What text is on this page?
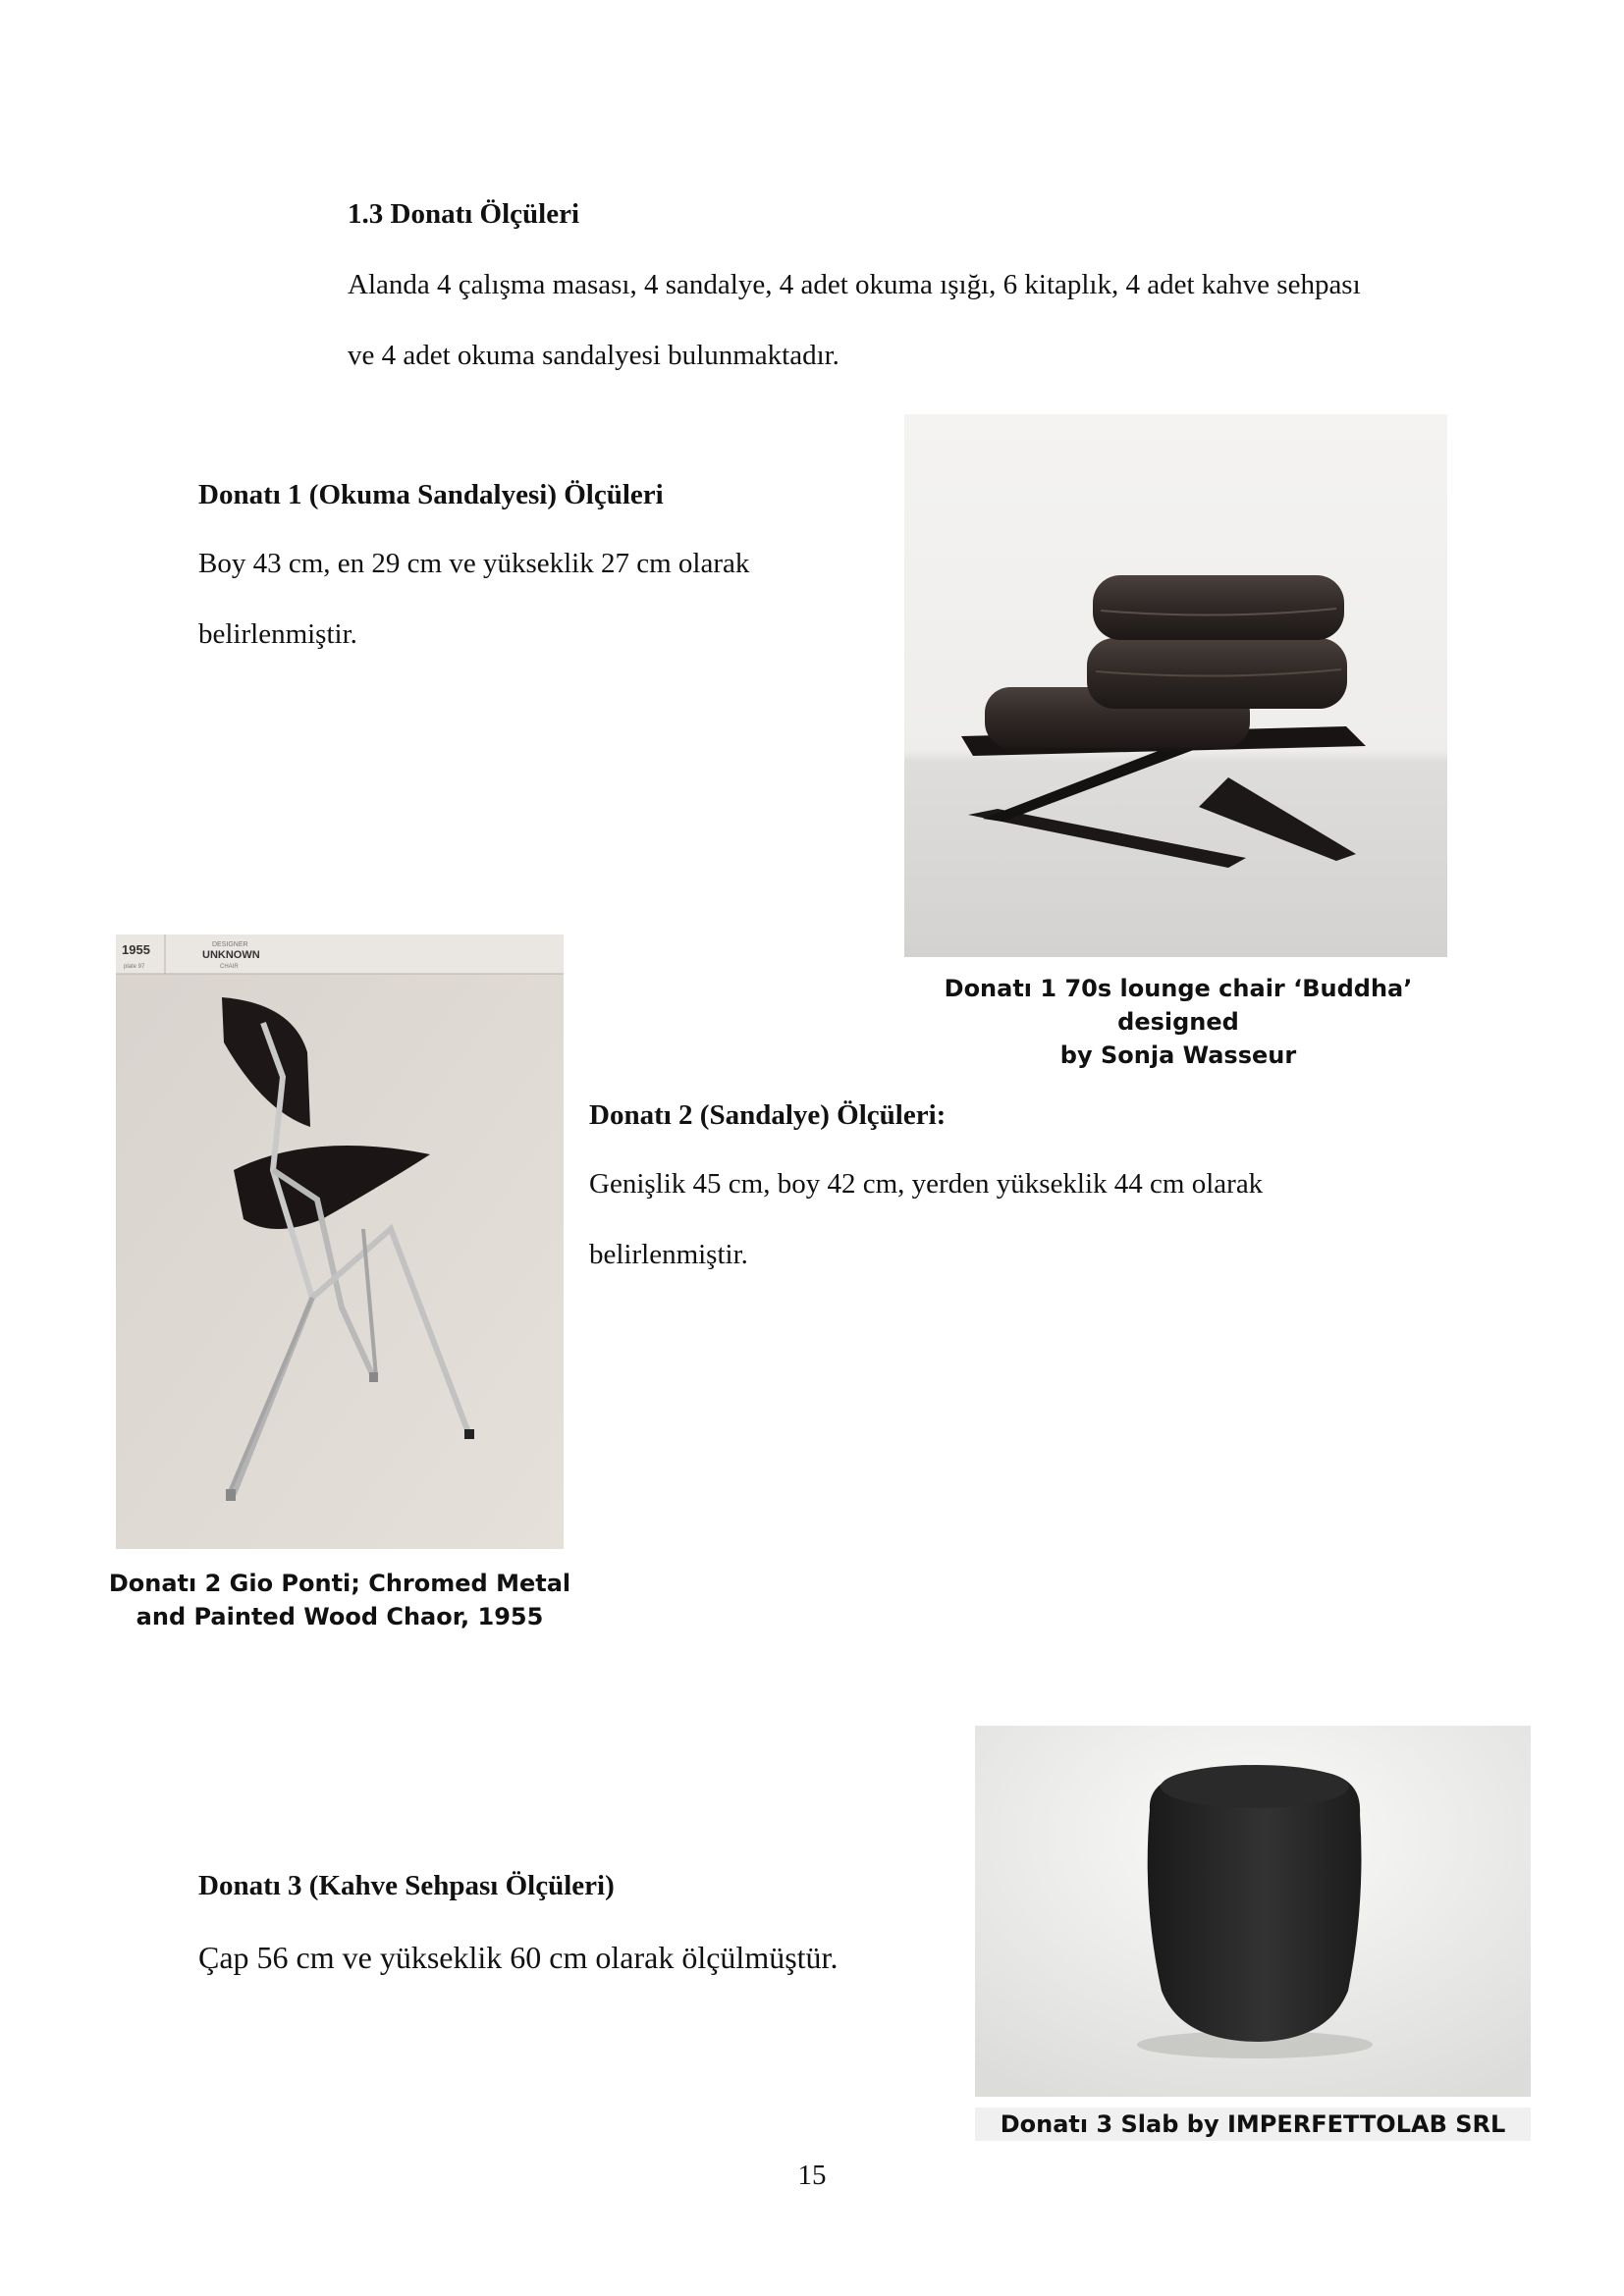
1.3 Donatı Ölçüleri
Alanda 4 çalışma masası, 4 sandalye, 4 adet okuma ışığı, 6 kitaplık, 4 adet kahve sehpası
ve 4 adet okuma sandalyesi bulunmaktadır.
Donatı 1 (Okuma Sandalyesi) Ölçüleri
Boy 43 cm, en 29 cm ve yükseklik 27 cm olarak
belirlenmiştir.
Donatı 1 70s lounge chair ‘Buddha’ designed
by Sonja Wasseur
1955	DESIGNER
UNKNOWN
plate 97	CHAIR
Donatı 2 Gio Ponti; Chromed Metal
and Painted Wood Chaor, 1955
Donatı 2 (Sandalye) Ölçüleri:
Genişlik 45 cm, boy 42 cm, yerden yükseklik 44 cm olarak
belirlenmiştir.
Donatı 3 Slab by IMPERFETTOLAB SRL
Donatı 3 (Kahve Sehpası Ölçüleri)
Çap 56 cm ve yükseklik 60 cm olarak ölçülmüştür.
15
